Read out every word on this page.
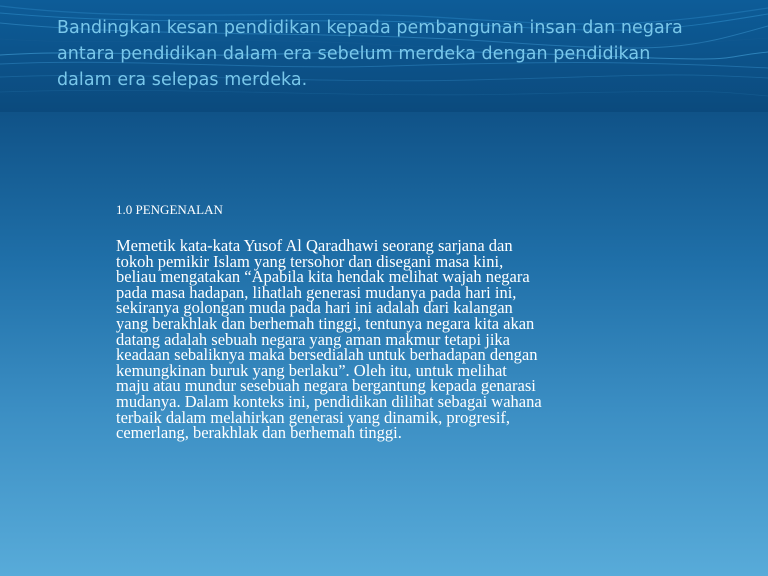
Bandingkan kesan pendidikan kepada pembangunan insan dan negara antara pendidikan dalam era sebelum merdeka dengan pendidikan dalam era selepas merdeka.
1.0 PENGENALAN

Memetik kata-kata Yusof Al Qaradhawi seorang sarjana dan
tokoh pemikir Islam yang tersohor dan disegani masa kini,
beliau mengatakan “Apabila kita hendak melihat wajah negara
pada masa hadapan, lihatlah generasi mudanya pada hari ini,
sekiranya golongan muda pada hari ini adalah dari kalangan
yang berakhlak dan berhemah tinggi, tentunya negara kita akan
datang adalah sebuah negara yang aman makmur tetapi jika
keadaan sebaliknya maka bersedialah untuk berhadapan dengan
kemungkinan buruk yang berlaku”. Oleh itu, untuk melihat
maju atau mundur sesebuah negara bergantung kepada genarasi
mudanya. Dalam konteks ini, pendidikan dilihat sebagai wahana
terbaik dalam melahirkan generasi yang dinamik, progresif,
cemerlang, berakhlak dan berhemah tinggi.
